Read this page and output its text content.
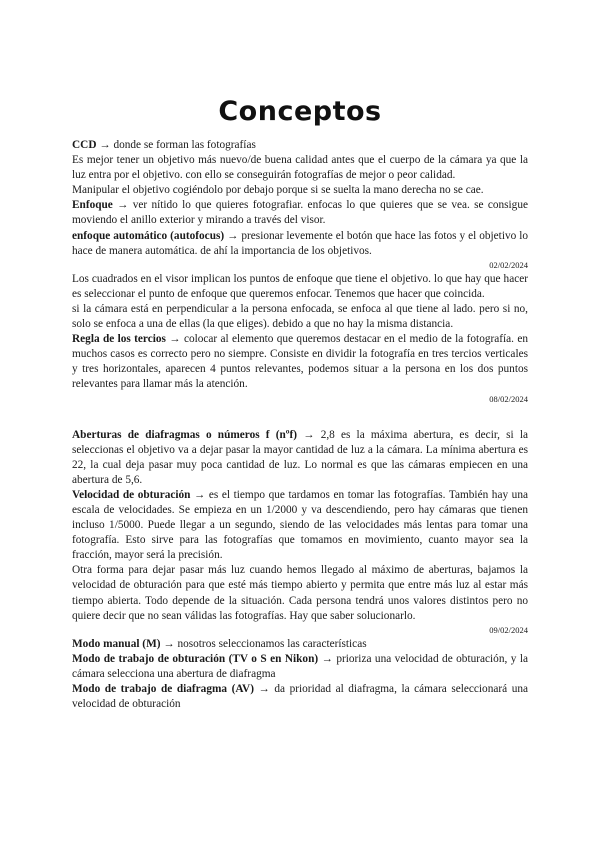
Conceptos

CCD → donde se forman las fotografías

Es mejor tener un objetivo más nuevo/de buena calidad antes que el cuerpo de la cámara ya que la luz entra por el objetivo. con ello se conseguirán fotografías de mejor o peor calidad.

Manipular el objetivo cogiéndolo por debajo porque si se suelta la mano derecha no se cae.

Enfoque → ver nítido lo que quieres fotografiar. enfocas lo que quieres que se vea. se consigue moviendo el anillo exterior y mirando a través del visor.

enfoque automático (autofocus) → presionar levemente el botón que hace las fotos y el objetivo lo hace de manera automática. de ahí la importancia de los objetivos.

02/02/2024

Los cuadrados en el visor implican los puntos de enfoque que tiene el objetivo. lo que hay que hacer es seleccionar el punto de enfoque que queremos enfocar. Tenemos que hacer que coincida.

si la cámara está en perpendicular a la persona enfocada, se enfoca al que tiene al lado. pero si no, solo se enfoca a una de ellas (la que eliges). debido a que no hay la misma distancia.

Regla de los tercios → colocar al elemento que queremos destacar en el medio de la fotografía. en muchos casos es correcto pero no siempre. Consiste en dividir la fotografía en tres tercios verticales y tres horizontales, aparecen 4 puntos relevantes, podemos situar a la persona en los dos puntos relevantes para llamar más la atención.

08/02/2024

Aberturas de diafragmas o números f (nºf) → 2,8 es la máxima abertura, es decir, si la seleccionas el objetivo va a dejar pasar la mayor cantidad de luz a la cámara. La mínima abertura es 22, la cual deja pasar muy poca cantidad de luz. Lo normal es que las cámaras empiecen en una abertura de 5,6.

Velocidad de obturación → es el tiempo que tardamos en tomar las fotografías. También hay una escala de velocidades. Se empieza en un 1/2000 y va descendiendo, pero hay cámaras que tienen incluso 1/5000. Puede llegar a un segundo, siendo de las velocidades más lentas para tomar una fotografía. Esto sirve para las fotografías que tomamos en movimiento, cuanto mayor sea la fracción, mayor será la precisión.

Otra forma para dejar pasar más luz cuando hemos llegado al máximo de aberturas, bajamos la velocidad de obturación para que esté más tiempo abierto y permita que entre más luz al estar más tiempo abierta. Todo depende de la situación. Cada persona tendrá unos valores distintos pero no quiere decir que no sean válidas las fotografías. Hay que saber solucionarlo.

09/02/2024

Modo manual (M) → nosotros seleccionamos las características

Modo de trabajo de obturación (TV o S en Nikon) → prioriza una velocidad de obturación, y la cámara selecciona una abertura de diafragma

Modo de trabajo de diafragma (AV) → da prioridad al diafragma, la cámara seleccionará una velocidad de obturación
